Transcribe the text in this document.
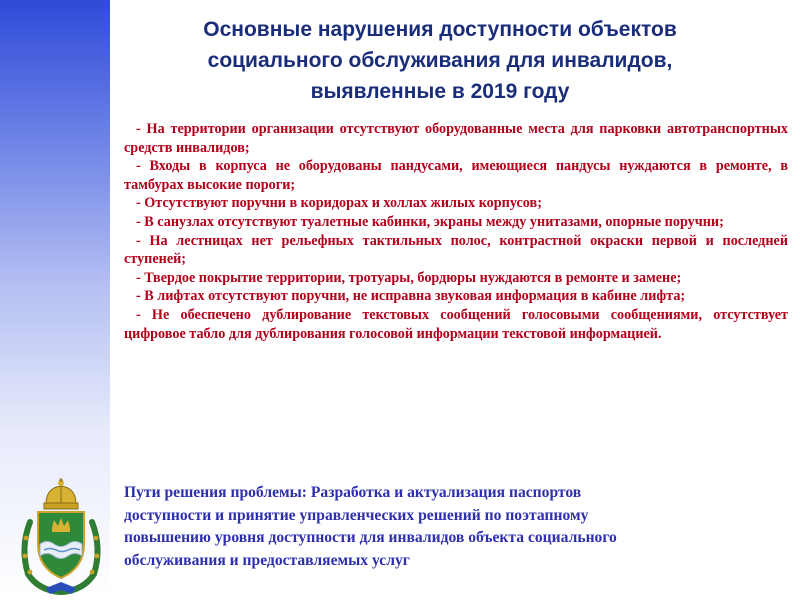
Основные нарушения доступности объектов
социального обслуживания для инвалидов,
выявленные в 2019 году

- На территории организации отсутствуют оборудованные места для парковки автотранспортных средств инвалидов;

- Входы в корпуса не оборудованы пандусами, имеющиеся пандусы нуждаются в ремонте, в тамбурах высокие пороги;

- Отсутствуют поручни в коридорах и холлах жилых корпусов;

- В санузлах отсутствуют туалетные кабинки, экраны между унитазами, опорные поручни;

- На лестницах нет рельефных тактильных полос, контрастной окраски первой и последней ступеней;

- Твердое покрытие территории, тротуары, бордюры нуждаются в ремонте и замене;

- В лифтах отсутствуют поручни, не исправна звуковая информация в кабине лифта;

- Не обеспечено дублирование текстовых сообщений голосовыми сообщениями, отсутствует цифровое табло для дублирования голосовой информации текстовой информацией.

Пути решения проблемы: Разработка и актуализация паспортов
доступности и принятие управленческих решений по поэтапному
повышению уровня доступности для инвалидов объекта социального
обслуживания и предоставляемых услуг
